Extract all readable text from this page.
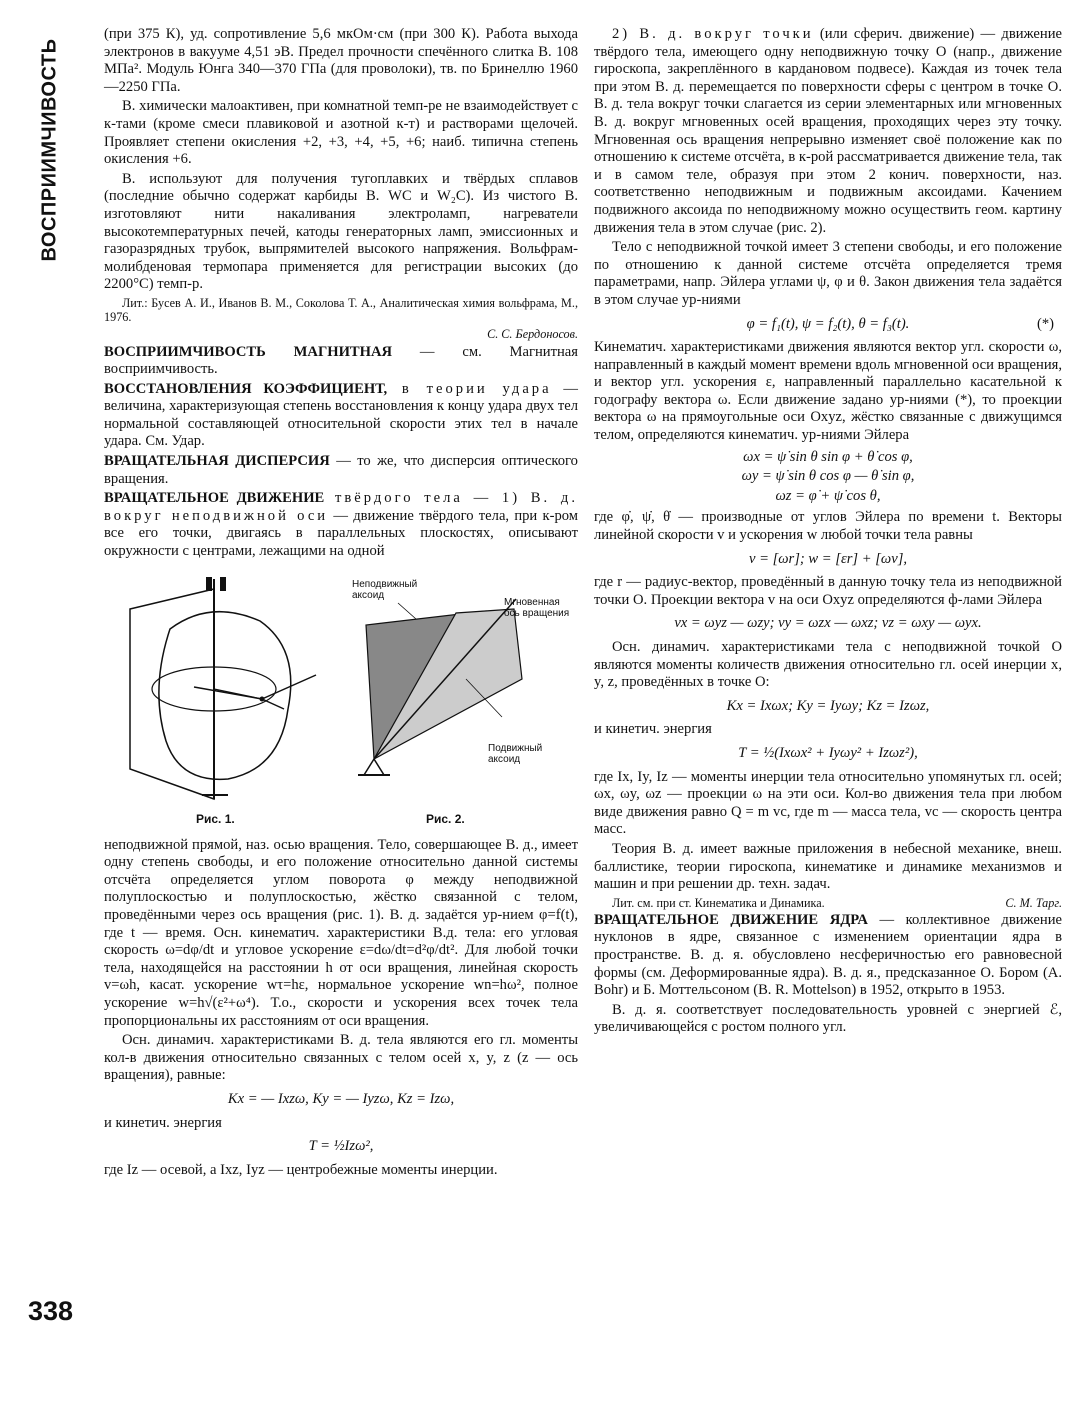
ВОСПРИИМЧИВОСТЬ
338

(при 375 К), уд. сопротивление 5,6 мкОм·см (при 300 К). Работа выхода электронов в вакууме 4,51 эВ. Предел прочности спечённого слитка В. 108 МПа². Модуль Юнга 340—370 ГПа (для проволоки), тв. по Бринеллю 1960—2250 ГПа.

В. химически малоактивен, при комнатной темп-ре не взаимодействует с к-тами (кроме смеси плавиковой и азотной к-т) и растворами щелочей. Проявляет степени окисления +2, +3, +4, +5, +6; наиб. типична степень окисления +6.

В. используют для получения тугоплавких и твёрдых сплавов (последние обычно содержат карбиды В. WC и W₂C). Из чистого В. изготовляют нити накаливания электроламп, нагреватели высокотемпературных печей, катоды генераторных ламп, эмиссионных и газоразрядных трубок, выпрямителей высокого напряжения. Вольфрам-молибденовая термопара применяется для регистрации высоких (до 2200°С) темп-р.

Лит.: Бусев А. И., Иванов В. М., Соколова Т. А., Аналитическая химия вольфрама, М., 1976.

С. С. Бердоносов.

ВОСПРИИМЧИВОСТЬ МАГНИТНАЯ — см. Магнитная восприимчивость.

ВОССТАНОВЛЕНИЯ КОЭФФИЦИЕНТ, в теории удара — величина, характеризующая степень восстановления к концу удара двух тел нормальной составляющей относительной скорости этих тел в начале удара. См. Удар.

ВРАЩАТЕЛЬНАЯ ДИСПЕРСИЯ — то же, что дисперсия оптического вращения.

ВРАЩАТЕЛЬНОЕ ДВИЖЕНИЕ твёрдого тела — 1) В. д. вокруг неподвижной оси — движение твёрдого тела, при к-ром все его точки, двигаясь в параллельных плоскостях, описывают окружности с центрами, лежащими на одной

Неподвижный аксоид
Мгновенная ось вращения
Подвижный аксоид
Рис. 1.	Рис. 2.

неподвижной прямой, наз. осью вращения. Тело, совершающее В. д., имеет одну степень свободы, и его положение относительно данной системы отсчёта определяется углом поворота φ между неподвижной полуплоскостью и полуплоскостью, жёстко связанной с телом, проведёнными через ось вращения (рис. 1). В. д. задаётся ур-нием φ=f(t), где t — время. Осн. кинематич. характеристики В.д. тела: его угловая скорость ω=dφ/dt и угловое ускорение ε=dω/dt=d²φ/dt². Для любой точки тела, находящейся на расстоянии h от оси вращения, линейная скорость v=ωh, касат. ускорение wτ=hε, нормальное ускорение wn=hω², полное ускорение w=h√(ε²+ω⁴). Т.о., скорости и ускорения всех точек тела пропорциональны их расстояниям от оси вращения.

Осн. динамич. характеристиками В. д. тела являются его гл. моменты кол-в движения относительно связанных с телом осей x, y, z (z — ось вращения), равные:

Kx = — Ixzω, Ky = — Iyzω, Kz = Izω,

и кинетич. энергия

T = ½Izω²,

где Iz — осевой, а Ixz, Iyz — центробежные моменты инерции.

2) В. д. вокруг точки (или сферич. движение) — движение твёрдого тела, имеющего одну неподвижную точку O (напр., движение гироскопа, закреплённого в кардановом подвесе). Каждая из точек тела при этом В. д. перемещается по поверхности сферы с центром в точке O. В. д. тела вокруг точки слагается из серии элементарных или мгновенных В. д. вокруг мгновенных осей вращения, проходящих через эту точку. Мгновенная ось вращения непрерывно изменяет своё положение как по отношению к системе отсчёта, в к-рой рассматривается движение тела, так и в самом теле, образуя при этом 2 конич. поверхности, наз. соответственно неподвижным и подвижным аксоидами. Качением подвижного аксоида по неподвижному можно осуществить геом. картину движения тела в этом случае (рис. 2).

Тело с неподвижной точкой имеет 3 степени свободы, и его положение по отношению к данной системе отсчёта определяется тремя параметрами, напр. Эйлера углами ψ, φ и θ. Закон движения тела задаётся в этом случае ур-ниями

φ = f₁(t), ψ = f₂(t), θ = f₃(t).	(*)

Кинематич. характеристиками движения являются вектор угл. скорости ω, направленный в каждый момент времени вдоль мгновенной оси вращения, и вектор угл. ускорения ε, направленный параллельно касательной к годографу вектора ω. Если движение задано ур-ниями (*), то проекции вектора ω на прямоугольные оси Oxyz, жёстко связанные с движущимся телом, определяются кинематич. ур-ниями Эйлера

ωx = ψ̇ sin θ sin φ + θ̇ cos φ,
ωy = ψ̇ sin θ cos φ — θ̇ sin φ,
ωz = φ̇ + ψ̇ cos θ,

где φ̇, ψ̇, θ̇ — производные от углов Эйлера по времени t. Векторы линейной скорости v и ускорения w любой точки тела равны

v = [ωr]; w = [εr] + [ωv],

где r — радиус-вектор, проведённый в данную точку тела из неподвижной точки O. Проекции вектора v на оси Oxyz определяются ф-лами Эйлера

vx = ωyz — ωzy; vy = ωzx — ωxz; vz = ωxy — ωyx.

Осн. динамич. характеристиками тела с неподвижной точкой O являются моменты количеств движения относительно гл. осей инерции x, y, z, проведённых в точке O:

Kx = Ixωx; Ky = Iyωy; Kz = Izωz,

и кинетич. энергия

T = ½(Ixωx² + Iyωy² + Izωz²),

где Ix, Iy, Iz — моменты инерции тела относительно упомянутых гл. осей; ωx, ωy, ωz — проекции ω на эти оси. Кол-во движения тела при любом виде движения равно Q = m vc, где m — масса тела, vc — скорость центра масс.

Теория В. д. имеет важные приложения в небесной механике, внеш. баллистике, теории гироскопа, кинематике и динамике механизмов и машин и при решении др. техн. задач.

Лит. см. при ст. Кинематика и Динамика.	С. М. Тарг.

ВРАЩАТЕЛЬНОЕ ДВИЖЕНИЕ ЯДРА — коллективное движение нуклонов в ядре, связанное с изменением ориентации ядра в пространстве. В. д. я. обусловлено несферичностью его равновесной формы (см. Деформированные ядра). В. д. я., предсказанное О. Бором (A. Bohr) и Б. Моттельсоном (B. R. Mottelson) в 1952, открыто в 1953.

В. д. я. соответствует последовательность уровней с энергией ℰ, увеличивающейся с ростом полного угл.
